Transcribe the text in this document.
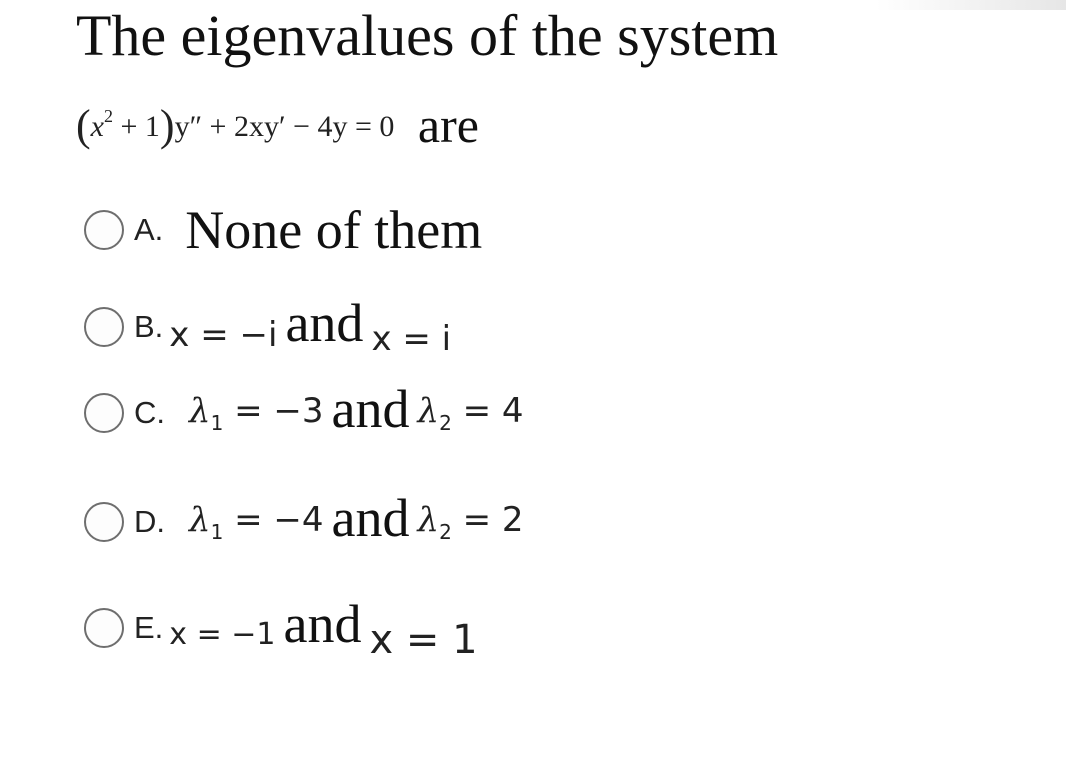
The eigenvalues of the system
$(x^2 + 1)y'' + 2xy' - 4y = 0$ are
A. None of them
B. x = −i and x = i
C. $\lambda_1 = -3$ and $\lambda_2 = 4$
D. $\lambda_1 = -4$ and $\lambda_2 = 2$
E. x = −1 and x = 1
